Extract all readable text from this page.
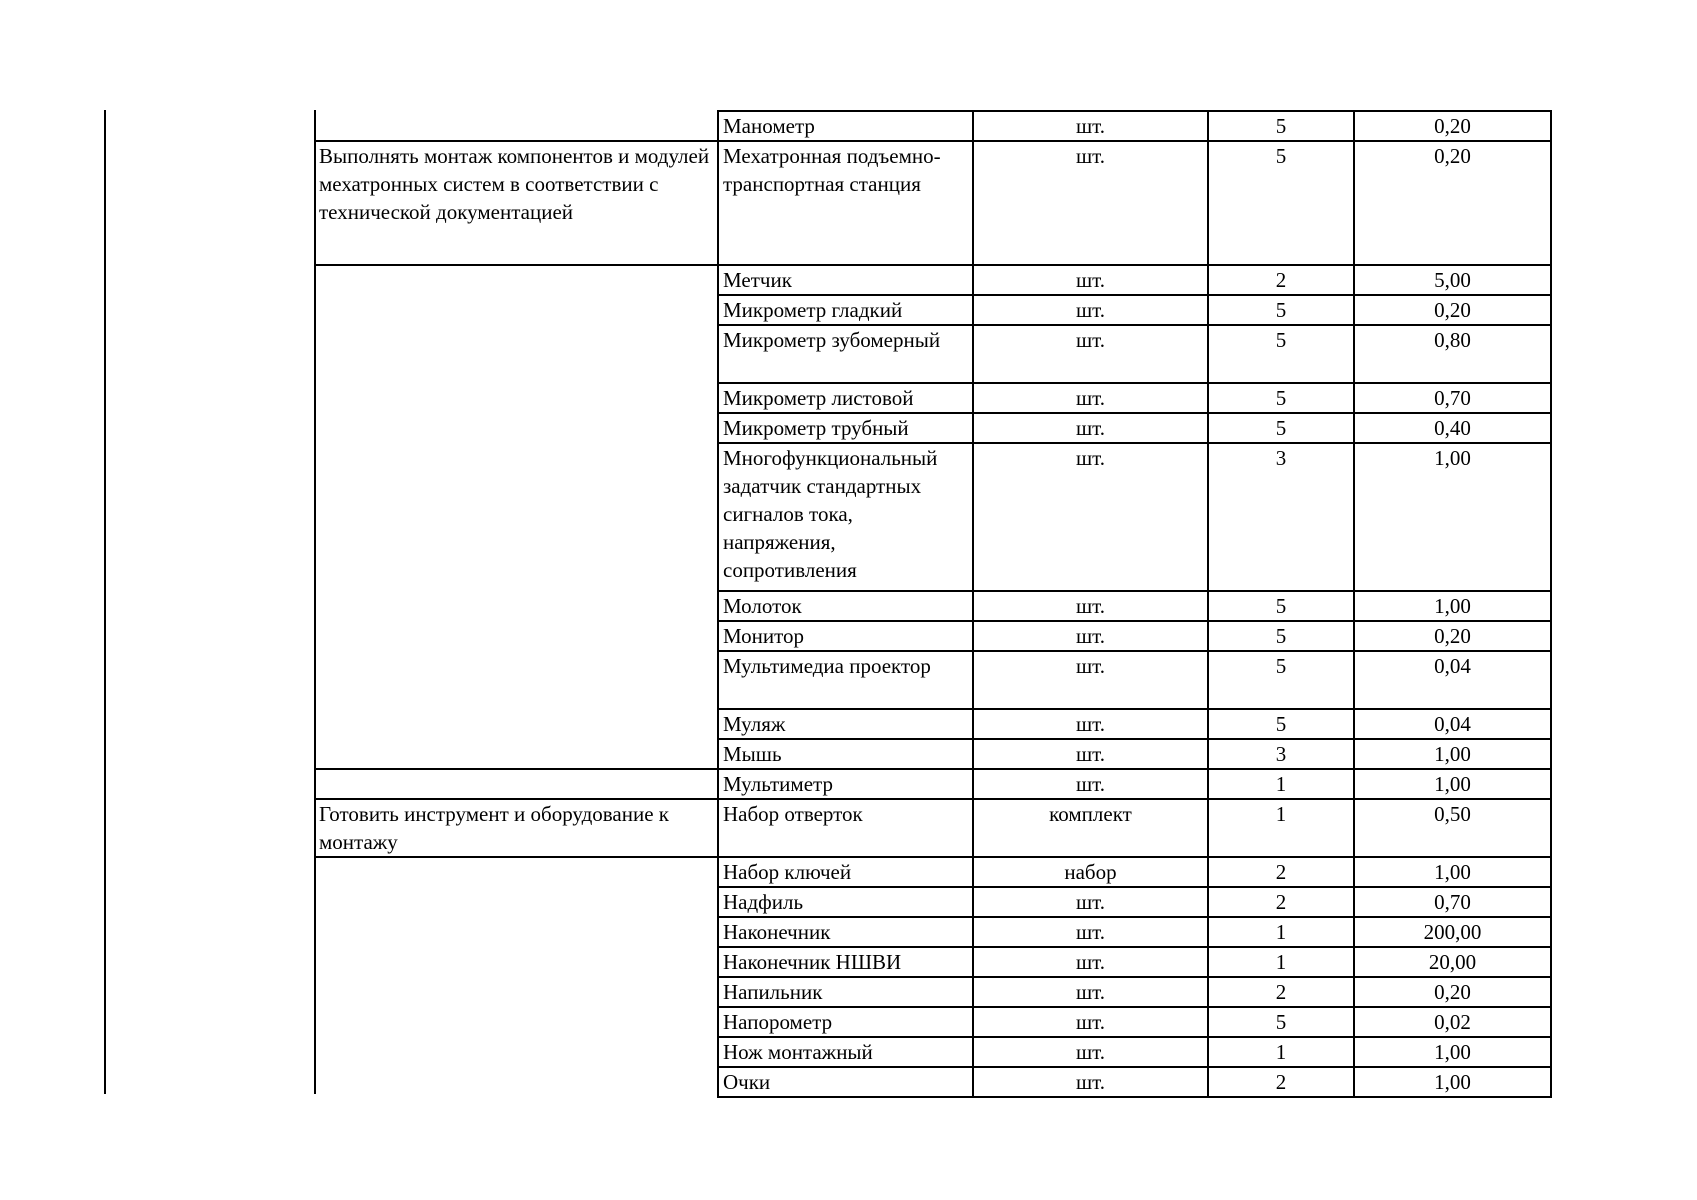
	Манометр	шт.	5	0,20
Выполнять монтаж компонентов и модулей мехатронных систем в соответствии с технической документацией	Мехатронная подъемно-транспортная станция	шт.	5	0,20
	Метчик	шт.	2	5,00
	Микрометр гладкий	шт.	5	0,20
	Микрометр зубомерный	шт.	5	0,80
	Микрометр листовой	шт.	5	0,70
	Микрометр трубный	шт.	5	0,40
	Многофункциональный задатчик стандартных сигналов тока, напряжения, сопротивления	шт.	3	1,00
	Молоток	шт.	5	1,00
	Монитор	шт.	5	0,20
	Мультимедиа проектор	шт.	5	0,04
	Муляж	шт.	5	0,04
	Мышь	шт.	3	1,00
	Мультиметр	шт.	1	1,00
Готовить инструмент и оборудование к монтажу	Набор отверток	комплект	1	0,50
	Набор ключей	набор	2	1,00
	Надфиль	шт.	2	0,70
	Наконечник	шт.	1	200,00
	Наконечник НШВИ	шт.	1	20,00
	Напильник	шт.	2	0,20
	Напорометр	шт.	5	0,02
	Нож монтажный	шт.	1	1,00
	Очки	шт.	2	1,00
